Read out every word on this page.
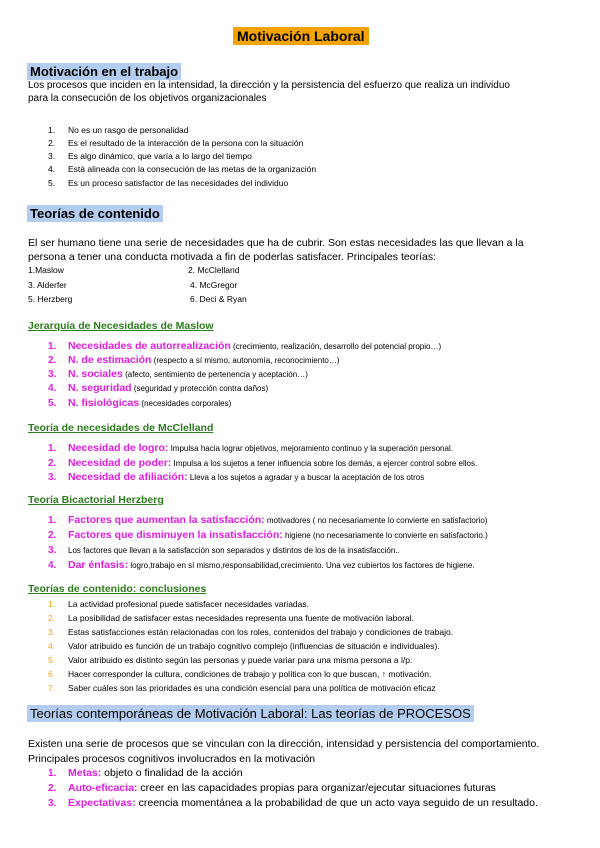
Motivación Laboral
Motivación en el trabajo
Los procesos que inciden en la intensidad, la dirección y la persistencia del esfuerzo que realiza un individuo
para la consecución de los objetivos organizacionales
1. No es un rasgo de personalidad
2. Es el resultado de la interacción de la persona con la situación
3. Es algo dinámico, que varía a lo largo del tiempo
4. Está alineada con la consecución de las metas de la organización
5. Es un proceso satisfactor de las necesidades del individuo
Teorías de contenido
El ser humano tiene una serie de necesidades que ha de cubrir. Son estas necesidades las que llevan a la
persona a tener una conducta motivada a fin de poderlas satisfacer. Principales teorías:
1.Maslow	2. McClelland
3. Alderfer	4. McGregor
5. Herzberg	6. Deci & Ryan
Jerarquía de Necesidades de Maslow
1. Necesidades de autorrealización (crecimiento, realización, desarrollo del potencial propio…)
2. N. de estimación (respecto a sí mismo, autonomía, reconocimiento…)
3. N. sociales (afecto, sentimiento de pertenencia y aceptación…)
4. N. seguridad (seguridad y protección contra daños)
5. N. fisiológicas (necesidades corporales)
Teoría de necesidades de McClelland
1. Necesidad de logro: Impulsa hacia lograr objetivos, mejoramiento continuo y la superación personal.
2. Necesidad de poder: Impulsa a los sujetos a tener influencia sobre los demás, a ejercer control sobre ellos.
3. Necesidad de afiliación: Lleva a los sujetos a agradar y a buscar la aceptación de los otros
Teoría Bicactorial Herzberg
1. Factores que aumentan la satisfacción: motivadores ( no necesariamente lo convierte en satisfactorio)
2. Factores que disminuyen la insatisfacción: higiene (no necesariamente lo convierte en satisfactorio.)
3. Los factores que llevan a la satisfacción son separados y distintos de los de la insatisfacción..
4. Dar énfasis: logro,trabajo en sí mismo,responsabilidad,crecimiento. Una vez cubiertos los factores de higiene.
Teorías de contenido: conclusiones
1. La actividad profesional puede satisfacer necesidades variadas.
2. La posibilidad de satisfacer estas necesidades representa una fuente de motivación laboral.
3. Estas satisfacciones están relacionadas con los roles, contenidos del trabajo y condiciones de trabajo.
4. Valor atribuido es función de un trabajo cognitivo complejo (influencias de situación e individuales).
5. Valor atribuido es distinto según las personas y puede variar para una misma persona a l/p.
6. Hacer corresponder la cultura, condiciones de trabajo y política con lo que buscan, ↑ motivación.
7. Saber cuáles son las prioridades es una condición esencial para una política de motivación eficaz
Teorías contemporáneas de Motivación Laboral: Las teorías de PROCESOS
Existen una serie de procesos que se vinculan con la dirección, intensidad y persistencia del comportamiento.
Principales procesos cognitivos involucrados en la motivación
1. Metas: objeto o finalidad de la acción
2. Auto-eficacia: creer en las capacidades propias para organizar/ejecutar situaciones futuras
3. Expectativas: creencia momentánea a la probabilidad de que un acto vaya seguido de un resultado.
